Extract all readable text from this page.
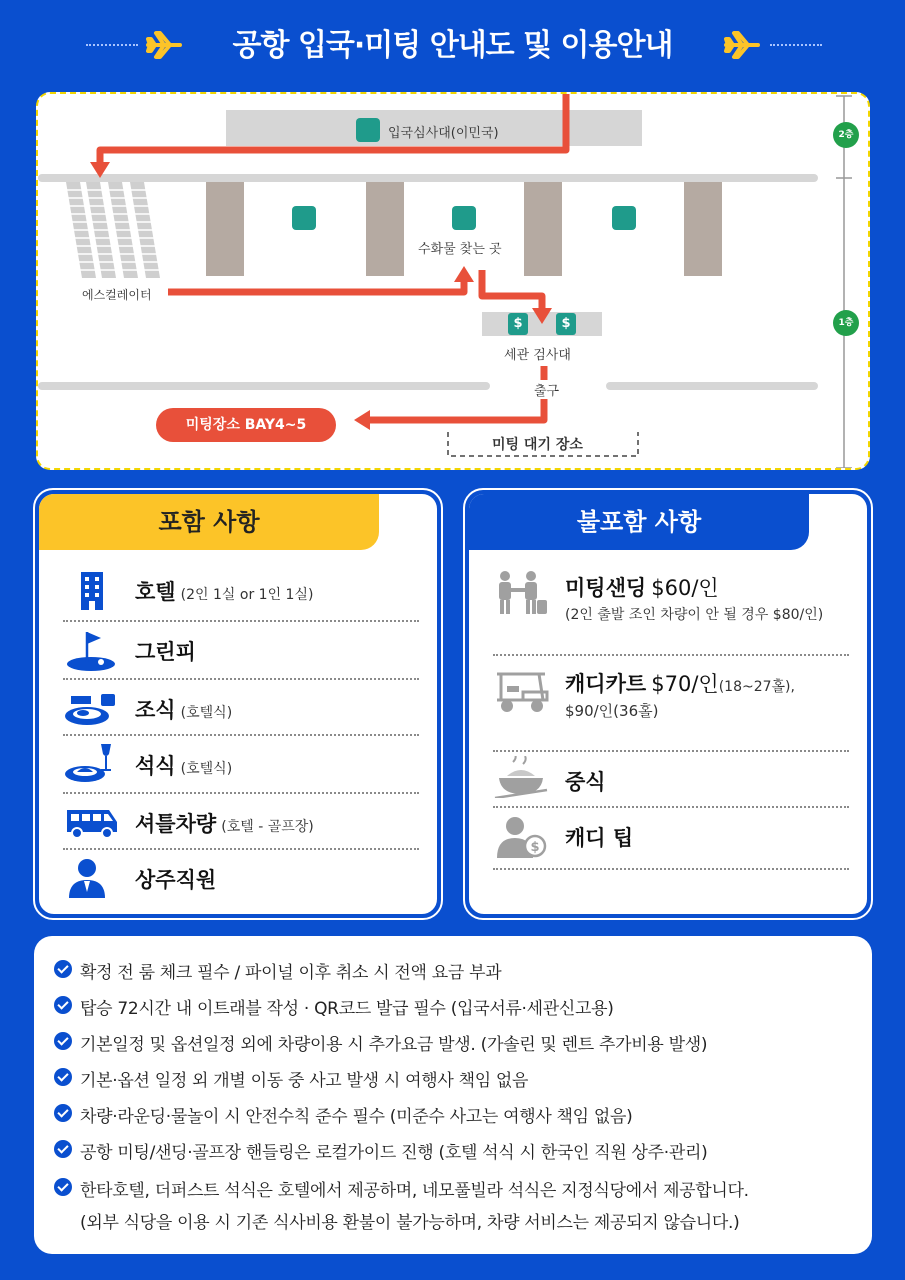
공항 입국·미팅 안내도 및 이용안내
입국심사대(이민국)	2층
1층
수화물 찾는 곳
에스컬레이터
$	$
세관 검사대
출구
미팅장소 BAY4~5
미팅 대기 장소
포함 사항
호텔 (2인 1실 or 1인 1실)
그린피
조식 (호텔식)
석식 (호텔식)
셔틀차량 (호텔 - 골프장)
상주직원
불포함 사항
미팅샌딩 $60/인
(2인 출발 조인 차량이 안 될 경우 $80/인)
캐디카트 $70/인(18~27홀),
$90/인(36홀)
중식
$ 캐디 팁
확정 전 룸 체크 필수 / 파이널 이후 취소 시 전액 요금 부과
탑승 72시간 내 이트래블 작성 · QR코드 발급 필수 (입국서류·세관신고용)
기본일정 및 옵션일정 외에 차량이용 시 추가요금 발생. (가솔린 및 렌트 추가비용 발생)
기본·옵션 일정 외 개별 이동 중 사고 발생 시 여행사 책임 없음
차량·라운딩·물놀이 시 안전수칙 준수 필수 (미준수 사고는 여행사 책임 없음)
공항 미팅/샌딩·골프장 핸들링은 로컬가이드 진행 (호텔 석식 시 한국인 직원 상주·관리)
한타호텔, 더퍼스트 석식은 호텔에서 제공하며, 네모풀빌라 석식은 지정식당에서 제공합니다.
(외부 식당을 이용 시 기존 식사비용 환불이 불가능하며, 차량 서비스는 제공되지 않습니다.)
